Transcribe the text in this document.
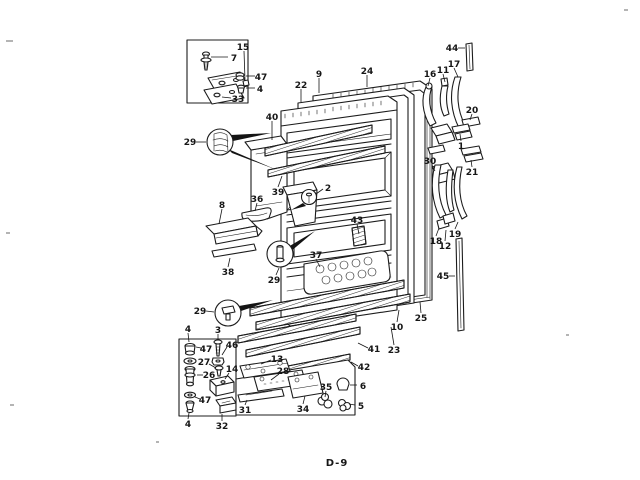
7
15
47
4
33
22
9	24
40
39	2
43
37
8
36
38
29
29
29
44
17
11
16
20
1
30
21
18
12
19
45
25
10
23
41
42
4	3
47 46
27
26
14
47
4	32
13
28
31	34
35	6
5
D-9
